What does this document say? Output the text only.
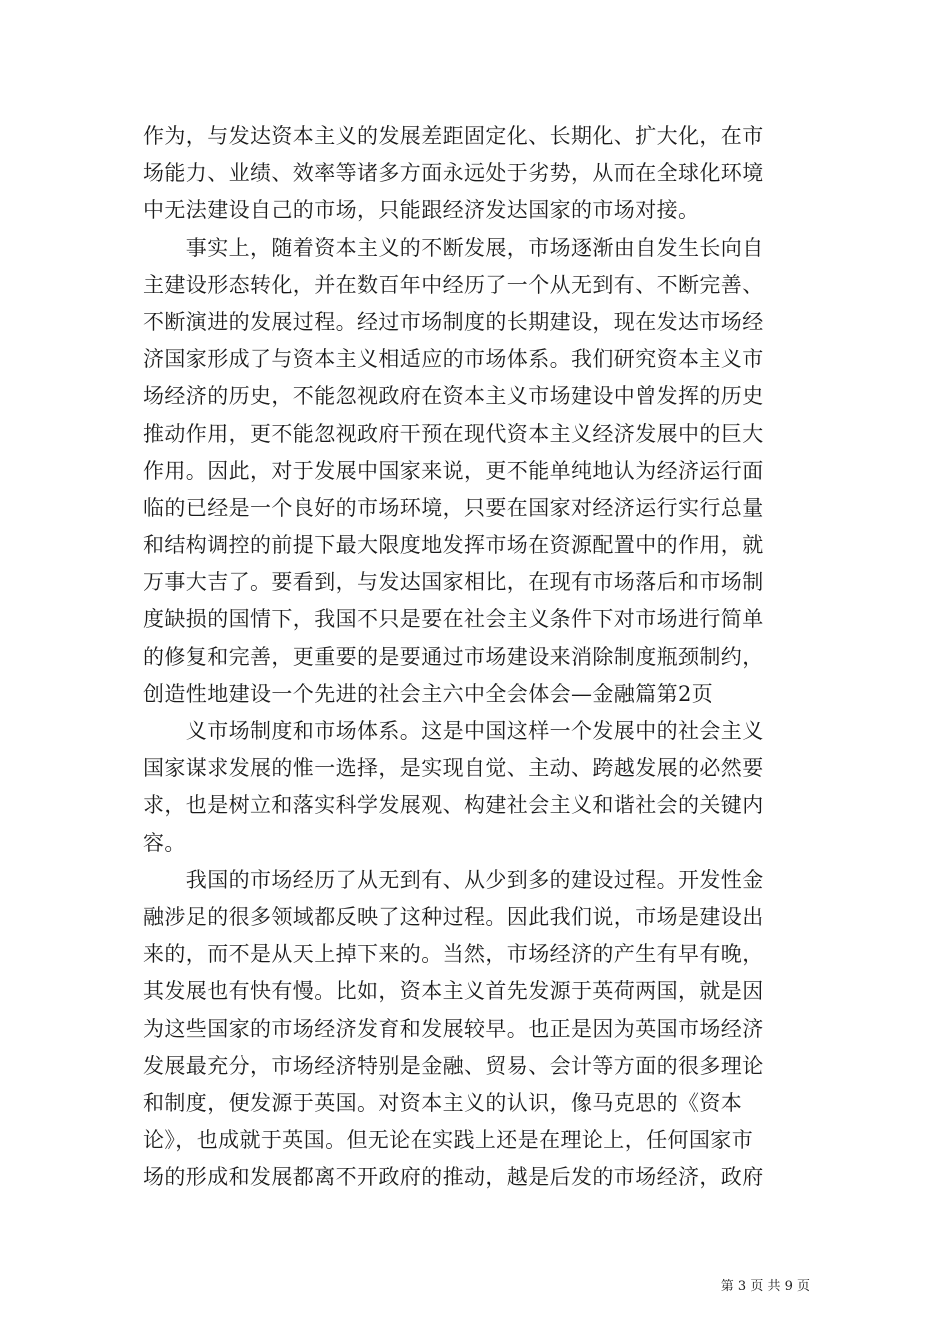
作为，与发达资本主义的发展差距固定化、长期化、扩大化，在市
场能力、业绩、效率等诸多方面永远处于劣势，从而在全球化环境
中无法建设自己的市场，只能跟经济发达国家的市场对接。
　　事实上，随着资本主义的不断发展，市场逐渐由自发生长向自
主建设形态转化，并在数百年中经历了一个从无到有、不断完善、
不断演进的发展过程。经过市场制度的长期建设，现在发达市场经
济国家形成了与资本主义相适应的市场体系。我们研究资本主义市
场经济的历史，不能忽视政府在资本主义市场建设中曾发挥的历史
推动作用，更不能忽视政府干预在现代资本主义经济发展中的巨大
作用。因此，对于发展中国家来说，更不能单纯地认为经济运行面
临的已经是一个良好的市场环境，只要在国家对经济运行实行总量
和结构调控的前提下最大限度地发挥市场在资源配置中的作用，就
万事大吉了。要看到，与发达国家相比，在现有市场落后和市场制
度缺损的国情下，我国不只是要在社会主义条件下对市场进行简单
的修复和完善，更重要的是要通过市场建设来消除制度瓶颈制约，
创造性地建设一个先进的社会主六中全会体会—金融篇第2页
　　义市场制度和市场体系。这是中国这样一个发展中的社会主义
国家谋求发展的惟一选择，是实现自觉、主动、跨越发展的必然要
求，也是树立和落实科学发展观、构建社会主义和谐社会的关键内
容。
　　我国的市场经历了从无到有、从少到多的建设过程。开发性金
融涉足的很多领域都反映了这种过程。因此我们说，市场是建设出
来的，而不是从天上掉下来的。当然，市场经济的产生有早有晚，
其发展也有快有慢。比如，资本主义首先发源于英荷两国，就是因
为这些国家的市场经济发育和发展较早。也正是因为英国市场经济
发展最充分，市场经济特别是金融、贸易、会计等方面的很多理论
和制度，便发源于英国。对资本主义的认识，像马克思的《资本
论》，也成就于英国。但无论在实践上还是在理论上，任何国家市
场的形成和发展都离不开政府的推动，越是后发的市场经济，政府
第 3 页 共 9 页
